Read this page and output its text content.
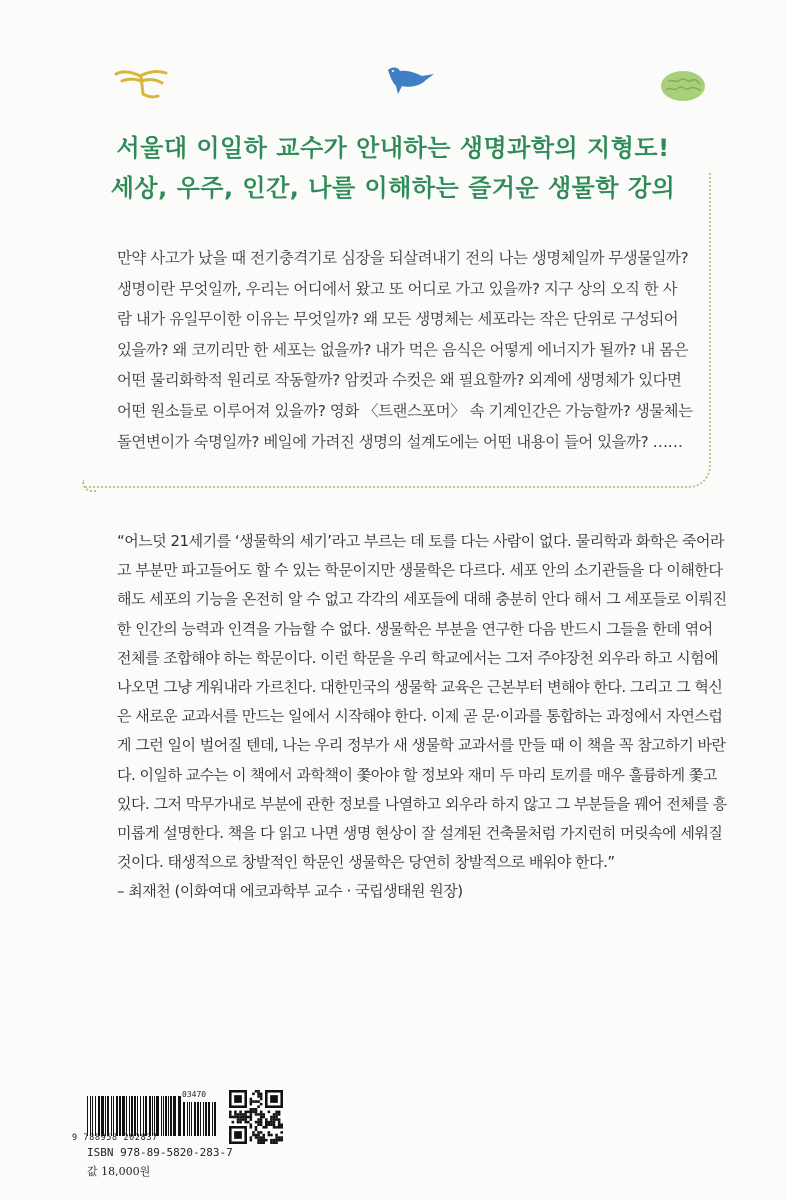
서울대 이일하 교수가 안내하는 생명과학의 지형도!
세상, 우주, 인간, 나를 이해하는 즐거운 생물학 강의
만약 사고가 났을 때 전기충격기로 심장을 되살려내기 전의 나는 생명체일까 무생물일까?
생명이란 무엇일까, 우리는 어디에서 왔고 또 어디로 가고 있을까? 지구 상의 오직 한 사
람 내가 유일무이한 이유는 무엇일까? 왜 모든 생명체는 세포라는 작은 단위로 구성되어
있을까? 왜 코끼리만 한 세포는 없을까? 내가 먹은 음식은 어떻게 에너지가 될까? 내 몸은
어떤 물리화학적 원리로 작동할까? 암컷과 수컷은 왜 필요할까? 외계에 생명체가 있다면
어떤 원소들로 이루어져 있을까? 영화 〈트랜스포머〉 속 기계인간은 가능할까? 생물체는
돌연변이가 숙명일까? 베일에 가려진 생명의 설계도에는 어떤 내용이 들어 있을까? ……
“어느덧 21세기를 ‘생물학의 세기’라고 부르는 데 토를 다는 사람이 없다. 물리학과 화학은 죽어라
고 부분만 파고들어도 할 수 있는 학문이지만 생물학은 다르다. 세포 안의 소기관들을 다 이해한다
해도 세포의 기능을 온전히 알 수 없고 각각의 세포들에 대해 충분히 안다 해서 그 세포들로 이뤄진
한 인간의 능력과 인격을 가늠할 수 없다. 생물학은 부분을 연구한 다음 반드시 그들을 한데 엮어
전체를 조합해야 하는 학문이다. 이런 학문을 우리 학교에서는 그저 주야장천 외우라 하고 시험에
나오면 그냥 게워내라 가르친다. 대한민국의 생물학 교육은 근본부터 변해야 한다. 그리고 그 혁신
은 새로운 교과서를 만드는 일에서 시작해야 한다. 이제 곧 문·이과를 통합하는 과정에서 자연스럽
게 그런 일이 벌어질 텐데, 나는 우리 정부가 새 생물학 교과서를 만들 때 이 책을 꼭 참고하기 바란
다. 이일하 교수는 이 책에서 과학책이 쫓아야 할 정보와 재미 두 마리 토끼를 매우 훌륭하게 쫓고
있다. 그저 막무가내로 부분에 관한 정보를 나열하고 외우라 하지 않고 그 부분들을 꿰어 전체를 흥
미롭게 설명한다. 책을 다 읽고 나면 생명 현상이 잘 설계된 건축물처럼 가지런히 머릿속에 세워질
것이다. 태생적으로 창발적인 학문인 생물학은 당연히 창발적으로 배워야 한다.”
– 최재천 (이화여대 에코과학부 교수 · 국립생태원 원장)
03470
9 788958 202837
ISBN 978-89-5820-283-7
값 18,000원
